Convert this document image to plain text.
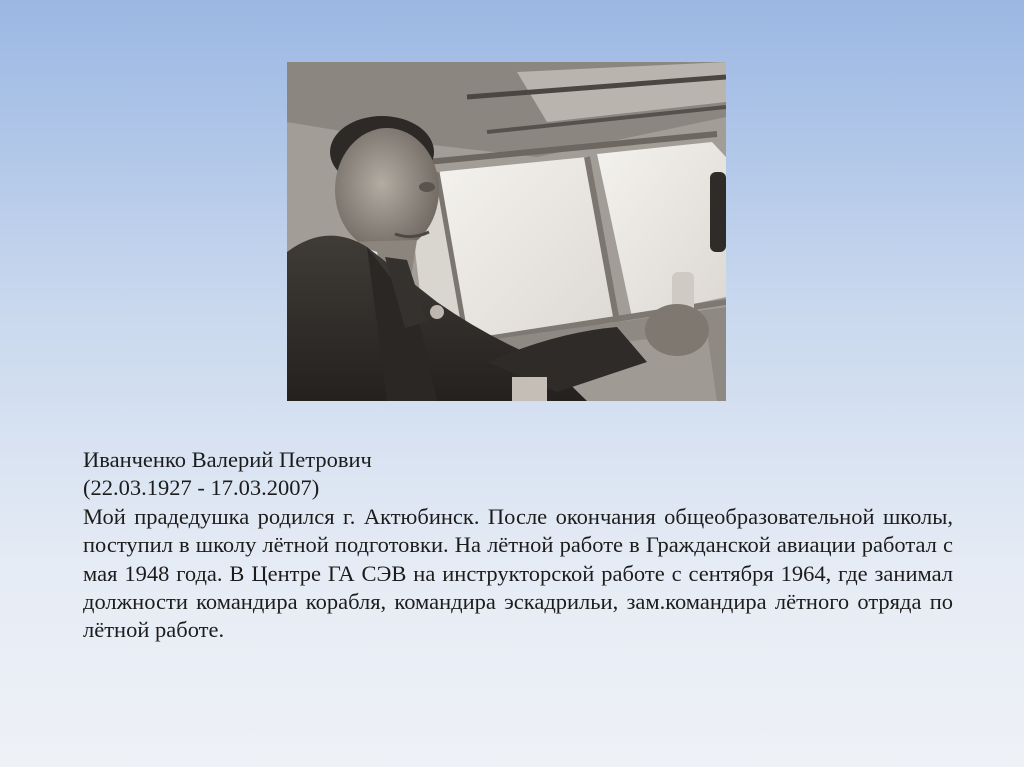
Иванченко Валерий Петрович
(22.03.1927 - 17.03.2007)
Мой прадедушка родился г. Актюбинск. После окончания общеобразовательной школы, поступил в школу лётной подготовки. На лётной работе в Гражданской авиации работал с мая 1948 года. В Центре ГА СЭВ на инструкторской работе с сентября 1964, где занимал должности командира корабля, командира эскадрильи, зам.командира лётного отряда по лётной работе.
